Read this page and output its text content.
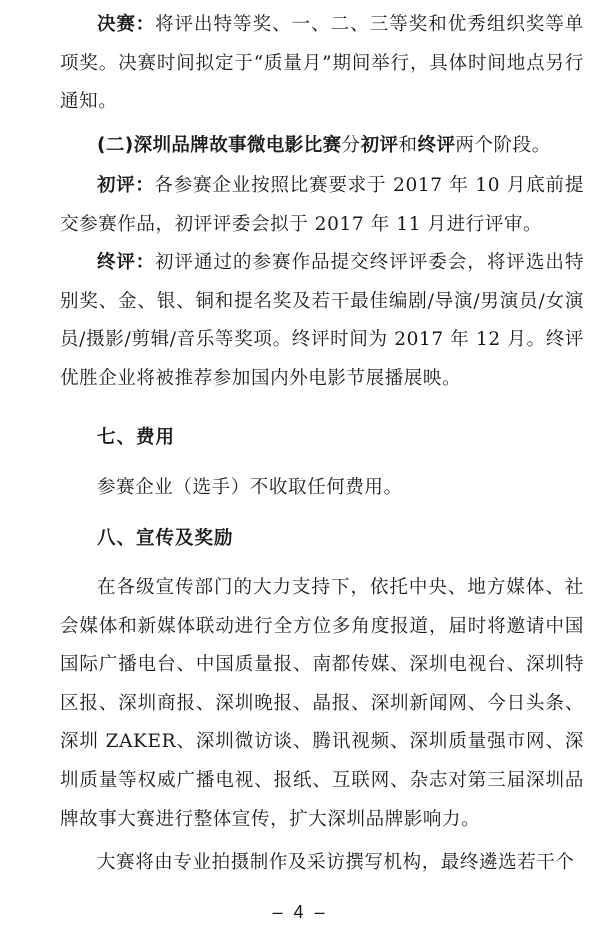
决赛：将评出特等奖、一、二、三等奖和优秀组织奖等单项奖。决赛时间拟定于“质量月”期间举行，具体时间地点另行通知。

(二)深圳品牌故事微电影比赛分初评和终评两个阶段。

初评：各参赛企业按照比赛要求于 2017 年 10 月底前提交参赛作品，初评评委会拟于 2017 年 11 月进行评审。

终评：初评通过的参赛作品提交终评评委会，将评选出特别奖、金、银、铜和提名奖及若干最佳编剧/导演/男演员/女演员/摄影/剪辑/音乐等奖项。终评时间为 2017 年 12 月。终评优胜企业将被推荐参加国内外电影节展播展映。

七、费用

参赛企业（选手）不收取任何费用。

八、宣传及奖励

在各级宣传部门的大力支持下，依托中央、地方媒体、社会媒体和新媒体联动进行全方位多角度报道，届时将邀请中国国际广播电台、中国质量报、南都传媒、深圳电视台、深圳特区报、深圳商报、深圳晚报、晶报、深圳新闻网、今日头条、深圳 ZAKER、深圳微访谈、腾讯视频、深圳质量强市网、深圳质量等权威广播电视、报纸、互联网、杂志对第三届深圳品牌故事大赛进行整体宣传，扩大深圳品牌影响力。

大赛将由专业拍摄制作及采访撰写机构，最终遴选若干个

– 4 –
